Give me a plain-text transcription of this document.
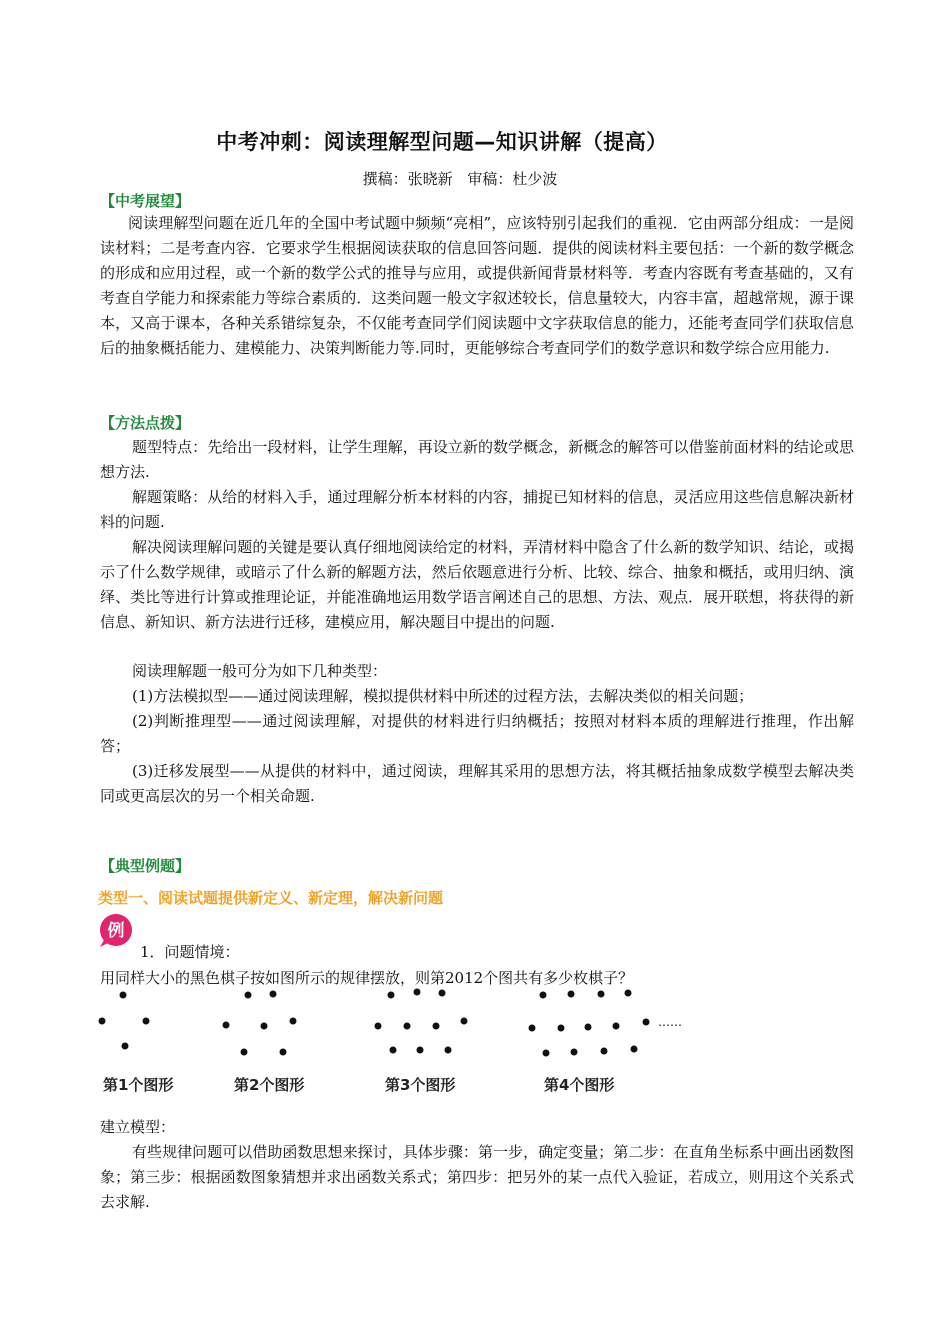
中考冲刺：阅读理解型问题—知识讲解（提高）
撰稿：张晓新 审稿：杜少波
【中考展望】
阅读理解型问题在近几年的全国中考试题中频频“亮相”，应该特别引起我们的重视．它由两部分组成：一是阅读材料；二是考查内容．它要求学生根据阅读获取的信息回答问题．提供的阅读材料主要包括：一个新的数学概念的形成和应用过程，或一个新的数学公式的推导与应用，或提供新闻背景材料等．考查内容既有考查基础的，又有考查自学能力和探索能力等综合素质的．这类问题一般文字叙述较长，信息量较大，内容丰富，超越常规，源于课本，又高于课本，各种关系错综复杂，不仅能考查同学们阅读题中文字获取信息的能力，还能考查同学们获取信息后的抽象概括能力、建模能力、决策判断能力等.同时，更能够综合考查同学们的数学意识和数学综合应用能力.
【方法点拨】
题型特点：先给出一段材料，让学生理解，再设立新的数学概念，新概念的解答可以借鉴前面材料的结论或思想方法.
解题策略：从给的材料入手，通过理解分析本材料的内容，捕捉已知材料的信息，灵活应用这些信息解决新材料的问题.
解决阅读理解问题的关键是要认真仔细地阅读给定的材料，弄清材料中隐含了什么新的数学知识、结论，或揭示了什么数学规律，或暗示了什么新的解题方法，然后依题意进行分析、比较、综合、抽象和概括，或用归纳、演绎、类比等进行计算或推理论证，并能准确地运用数学语言阐述自己的思想、方法、观点．展开联想，将获得的新信息、新知识、新方法进行迁移，建模应用，解决题目中提出的问题.
阅读理解题一般可分为如下几种类型：
(1)方法模拟型——通过阅读理解，模拟提供材料中所述的过程方法，去解决类似的相关问题；
(2)判断推理型——通过阅读理解，对提供的材料进行归纳概括；按照对材料本质的理解进行推理，作出解答；
(3)迁移发展型——从提供的材料中，通过阅读，理解其采用的思想方法，将其概括抽象成数学模型去解决类同或更高层次的另一个相关命题.
【典型例题】
类型一、阅读试题提供新定义、新定理，解决新问题
例
1．问题情境：
用同样大小的黑色棋子按如图所示的规律摆放，则第2012个图共有多少枚棋子？
……
第1个图形	第2个图形	第3个图形	第4个图形
建立模型：
有些规律问题可以借助函数思想来探讨，具体步骤：第一步，确定变量；第二步：在直角坐标系中画出函数图象；第三步：根据函数图象猜想并求出函数关系式；第四步：把另外的某一点代入验证，若成立，则用这个关系式去求解.
